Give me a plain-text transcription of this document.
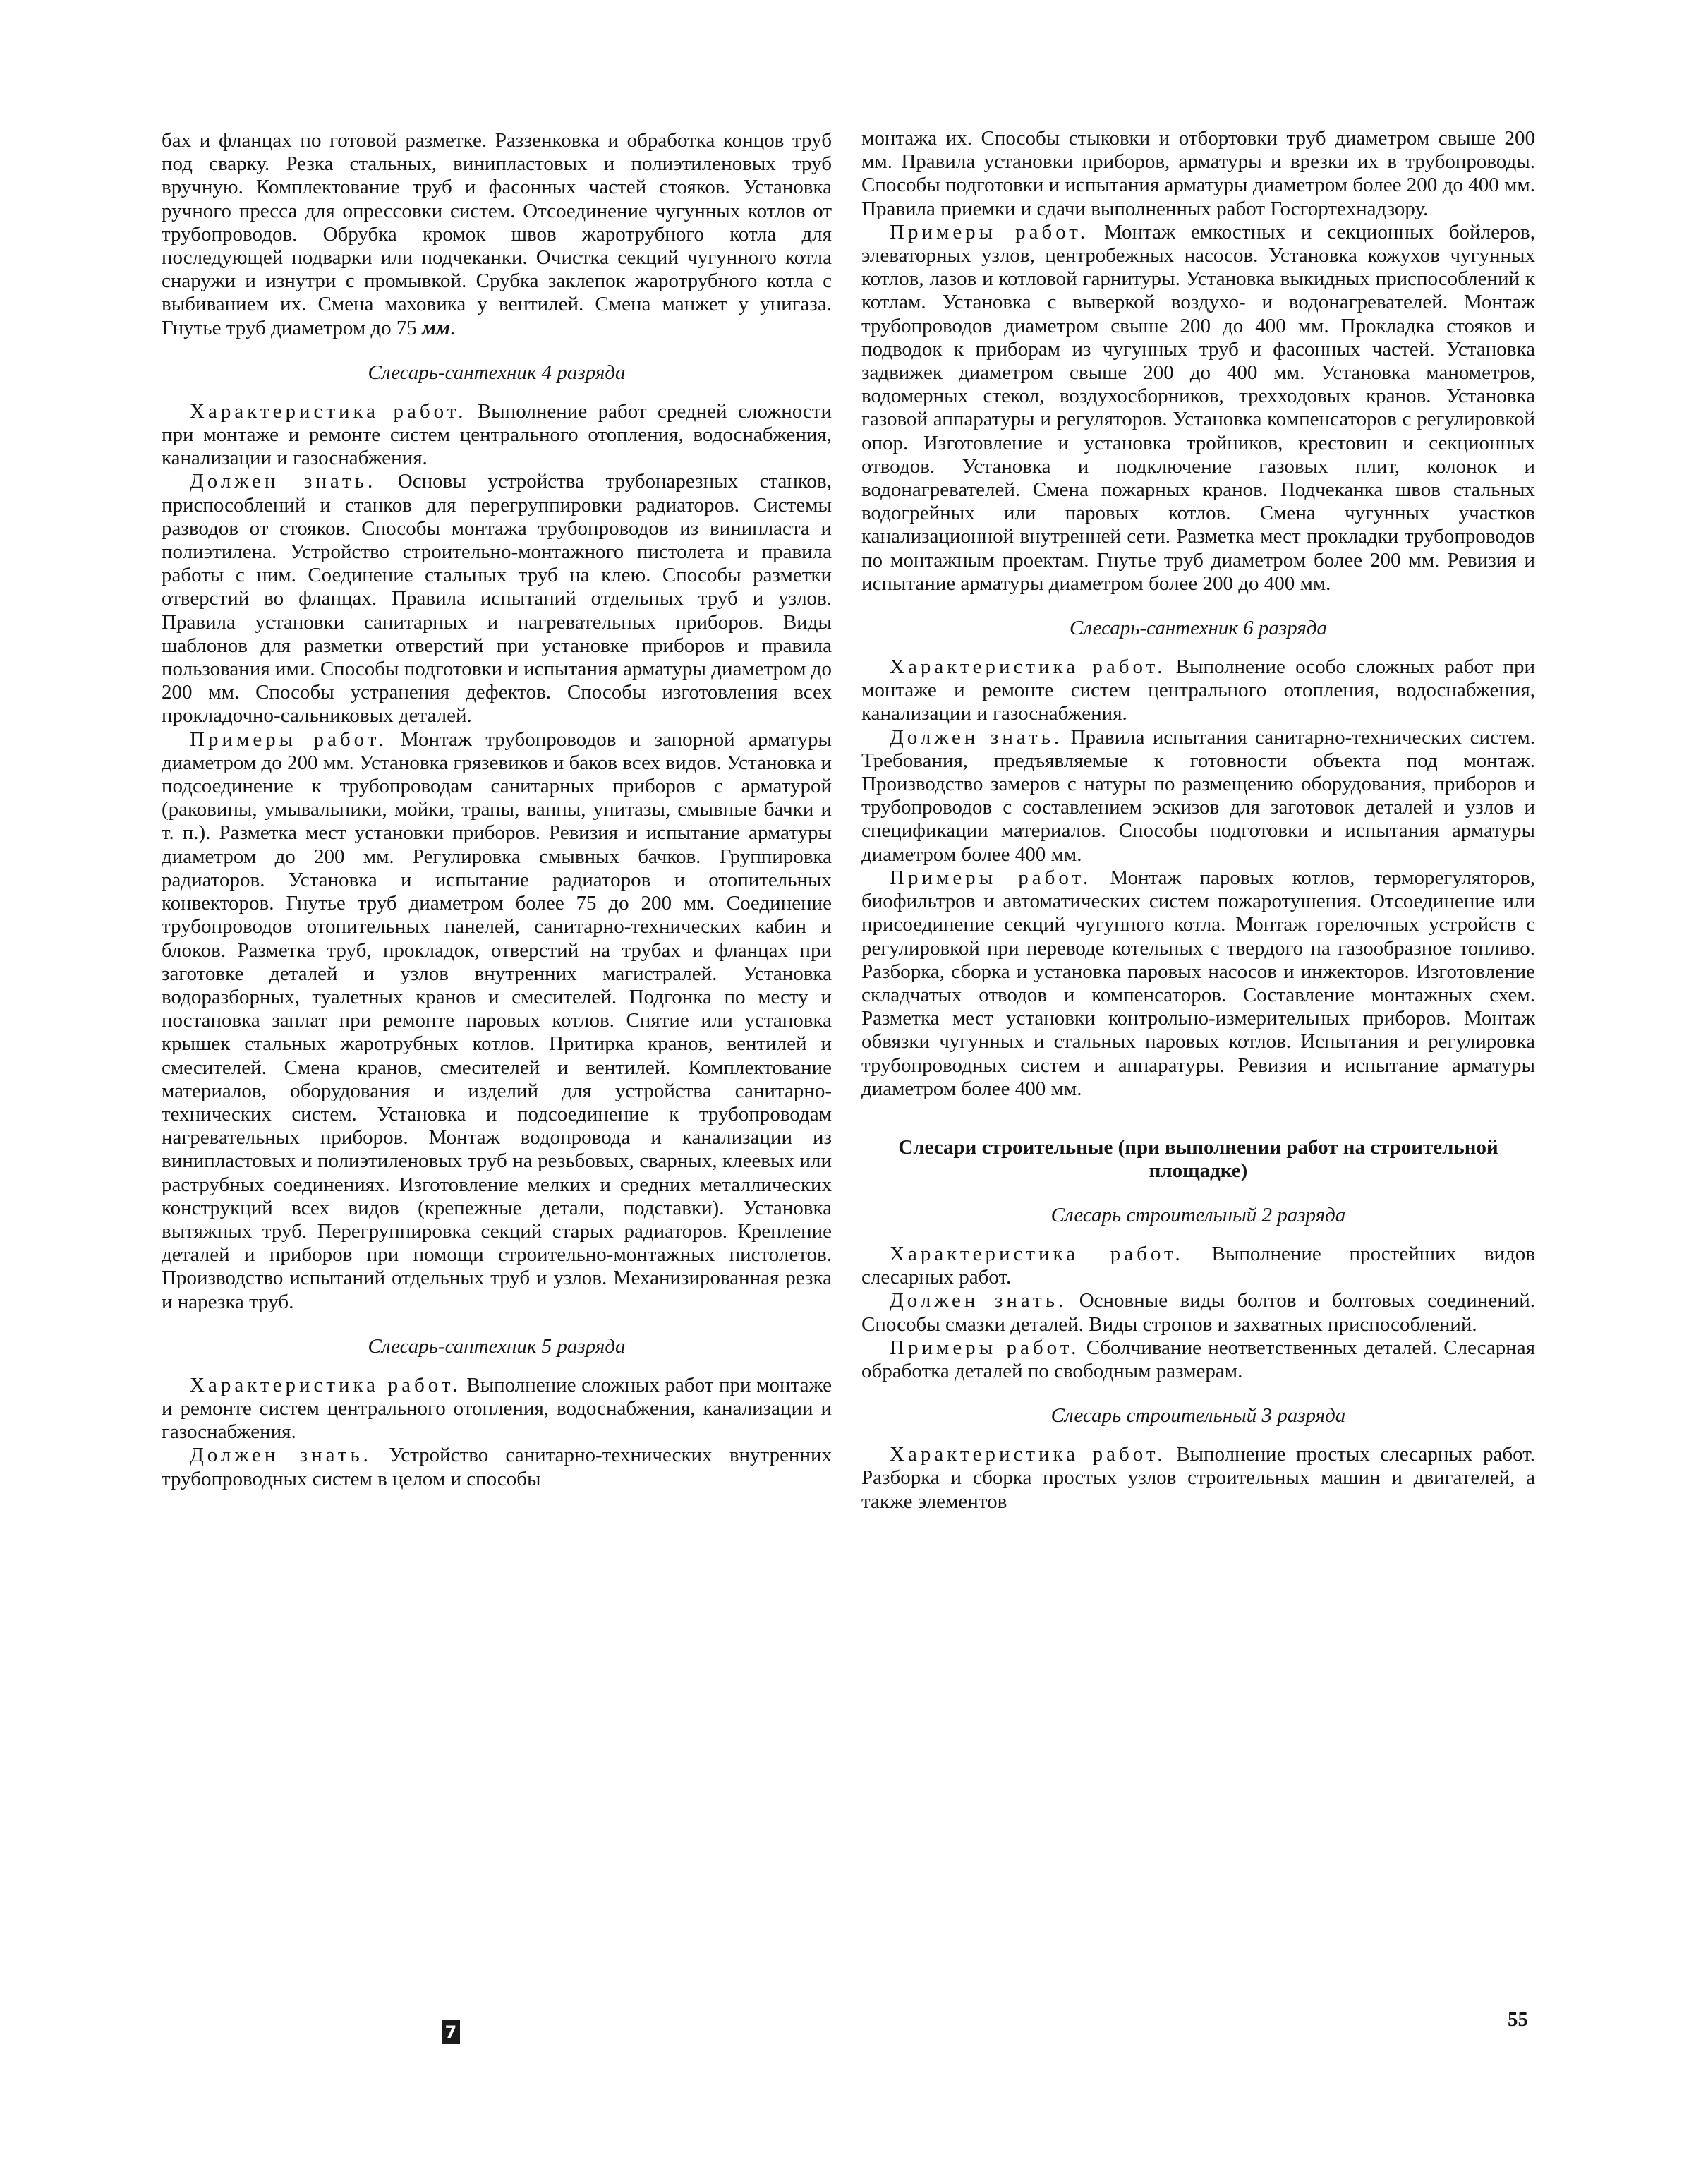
бах и фланцах по готовой разметке. Раззенковка и обработка концов труб под сварку. Резка стальных, винипластовых и полиэтиленовых труб вручную. Комплектование труб и фасонных частей стояков. Установка ручного пресса для опрессовки систем. Отсоединение чугунных котлов от трубопроводов. Обрубка кромок швов жаротрубного котла для последующей подварки или подчеканки. Очистка секций чугунного котла снаружи и изнутри с промывкой. Срубка заклепок жаротрубного котла с выбиванием их. Смена маховика у вентилей. Смена манжет у унигаза. Гнутье труб диаметром до 75 мм.

Слесарь-сантехник 4 разряда

Характеристика работ. Выполнение работ средней сложности при монтаже и ремонте систем центрального отопления, водоснабжения, канализации и газоснабжения.

Должен знать. Основы устройства трубонарезных станков, приспособлений и станков для перегруппировки радиаторов. Системы разводов от стояков. Способы монтажа трубопроводов из винипласта и полиэтилена. Устройство строительно-монтажного пистолета и правила работы с ним. Соединение стальных труб на клею. Способы разметки отверстий во фланцах. Правила испытаний отдельных труб и узлов. Правила установки санитарных и нагревательных приборов. Виды шаблонов для разметки отверстий при установке приборов и правила пользования ими. Способы подготовки и испытания арматуры диаметром до 200 мм. Способы устранения дефектов. Способы изготовления всех прокладочно-сальниковых деталей.

Примеры работ. Монтаж трубопроводов и запорной арматуры диаметром до 200 мм. Установка грязевиков и баков всех видов. Установка и подсоединение к трубопроводам санитарных приборов с арматурой (раковины, умывальники, мойки, трапы, ванны, унитазы, смывные бачки и т. п.). Разметка мест установки приборов. Ревизия и испытание арматуры диаметром до 200 мм. Регулировка смывных бачков. Группировка радиаторов. Установка и испытание радиаторов и отопительных конвекторов. Гнутье труб диаметром более 75 до 200 мм. Соединение трубопроводов отопительных панелей, санитарно-технических кабин и блоков. Разметка труб, прокладок, отверстий на трубах и фланцах при заготовке деталей и узлов внутренних магистралей. Установка водоразборных, туалетных кранов и смесителей. Подгонка по месту и постановка заплат при ремонте паровых котлов. Снятие или установка крышек стальных жаротрубных котлов. Притирка кранов, вентилей и смесителей. Смена кранов, смесителей и вентилей. Комплектование материалов, оборудования и изделий для устройства санитарно-технических систем. Установка и подсоединение к трубопроводам нагревательных приборов. Монтаж водопровода и канализации из винипластовых и полиэтиленовых труб на резьбовых, сварных, клеевых или раструбных соединениях. Изготовление мелких и средних металлических конструкций всех видов (крепежные детали, подставки). Установка вытяжных труб. Перегруппировка секций старых радиаторов. Крепление деталей и приборов при помощи строительно-монтажных пистолетов. Производство испытаний отдельных труб и узлов. Механизированная резка и нарезка труб.

Слесарь-сантехник 5 разряда

Характеристика работ. Выполнение сложных работ при монтаже и ремонте систем центрального отопления, водоснабжения, канализации и газоснабжения.

Должен знать. Устройство санитарно-технических внутренних трубопроводных систем в целом и способы

монтажа их. Способы стыковки и отбортовки труб диаметром свыше 200 мм. Правила установки приборов, арматуры и врезки их в трубопроводы. Способы подготовки и испытания арматуры диаметром более 200 до 400 мм. Правила приемки и сдачи выполненных работ Госгортехнадзору.

Примеры работ. Монтаж емкостных и секционных бойлеров, элеваторных узлов, центробежных насосов. Установка кожухов чугунных котлов, лазов и котловой гарнитуры. Установка выкидных приспособлений к котлам. Установка с выверкой воздухо- и водонагревателей. Монтаж трубопроводов диаметром свыше 200 до 400 мм. Прокладка стояков и подводок к приборам из чугунных труб и фасонных частей. Установка задвижек диаметром свыше 200 до 400 мм. Установка манометров, водомерных стекол, воздухосборников, трехходовых кранов. Установка газовой аппаратуры и регуляторов. Установка компенсаторов с регулировкой опор. Изготовление и установка тройников, крестовин и секционных отводов. Установка и подключение газовых плит, колонок и водонагревателей. Смена пожарных кранов. Подчеканка швов стальных водогрейных или паровых котлов. Смена чугунных участков канализационной внутренней сети. Разметка мест прокладки трубопроводов по монтажным проектам. Гнутье труб диаметром более 200 мм. Ревизия и испытание арматуры диаметром более 200 до 400 мм.

Слесарь-сантехник 6 разряда

Характеристика работ. Выполнение особо сложных работ при монтаже и ремонте систем центрального отопления, водоснабжения, канализации и газоснабжения.

Должен знать. Правила испытания санитарно-технических систем. Требования, предъявляемые к готовности объекта под монтаж. Производство замеров с натуры по размещению оборудования, приборов и трубопроводов с составлением эскизов для заготовок деталей и узлов и спецификации материалов. Способы подготовки и испытания арматуры диаметром более 400 мм.

Примеры работ. Монтаж паровых котлов, терморегуляторов, биофильтров и автоматических систем пожаротушения. Отсоединение или присоединение секций чугунного котла. Монтаж горелочных устройств с регулировкой при переводе котельных с твердого на газообразное топливо. Разборка, сборка и установка паровых насосов и инжекторов. Изготовление складчатых отводов и компенсаторов. Составление монтажных схем. Разметка мест установки контрольно-измерительных приборов. Монтаж обвязки чугунных и стальных паровых котлов. Испытания и регулировка трубопроводных систем и аппаратуры. Ревизия и испытание арматуры диаметром более 400 мм.

Слесари строительные (при выполнении работ на строительной площадке)
Слесарь строительный 2 разряда

Характеристика работ. Выполнение простейших видов слесарных работ.

Должен знать. Основные виды болтов и болтовых соединений. Способы смазки деталей. Виды стропов и захватных приспособлений.

Примеры работ. Сболчивание неответственных деталей. Слесарная обработка деталей по свободным размерам.

Слесарь строительный 3 разряда

Характеристика работ. Выполнение простых слесарных работ. Разборка и сборка простых узлов строительных машин и двигателей, а также элементов

7
55
